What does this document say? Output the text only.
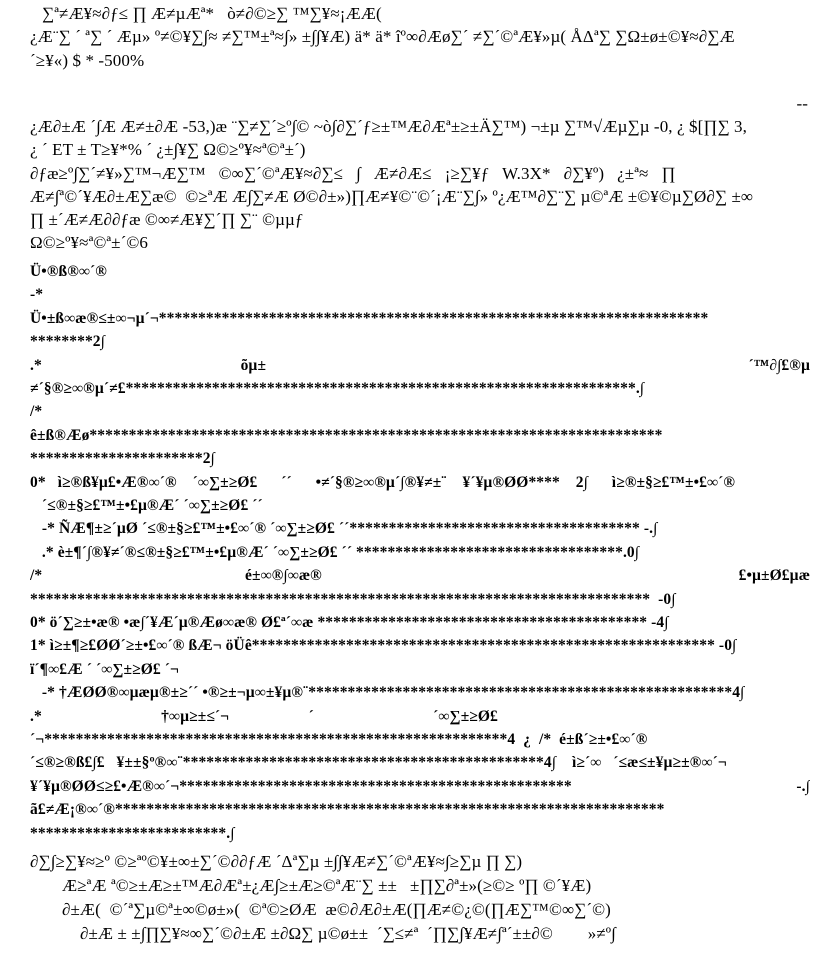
∑ª≠Æ¥≈∂ƒ≤ ∏ Æ≠µÆª*   ò≠∂©≥∑ ™∑¥≈¡ÆÆ(
¿Æ¨∑ ´ ª∑ ´ Æµ» º≠©¥∑∫≈ ≠∑™±ª≈∫» ±∫∫¥Æ) ä* ä* îº∞∂Æø∑´ ≠∑´©ªÆ¥»µ( ÅΔª∑ ∑Ω±ø±©¥≈∂∑Æ
´≥¥«) $ * -500%
--
¿Æ∂±Æ ´∫Æ Æ≠±∂Æ -53,)æ ¨∑≠∑´≥º∫© ~ò∫∂∑´ƒ≥±™Æ∂Æª±≥±Ä∑™) ¬±µ ∑™√Æµ∑µ -0, ¿ $[∏∑ 3,
¿ ´ ET ± T≥¥*% ´ ¿±∫¥∑ Ω©≥º¥≈ª©ª±´)
∂ƒæ≥º∫∑´≠¥»∑™¬Æ∑™   ©∞∑´©ªÆ¥≈∂∑≤   ∫   Æ≠∂Æ≤   ¡≥∑¥ƒ   W.3X*   ∂∑¥º)   ¿±ª≈   ∏
Æ≠∫ª©´¥Æ∂±Æ∑æ©  ©≥ªÆ Æ∫∑≠Æ Ø©∂±»)∏Æ≠¥©¨©´¡Æ¨∑∫» º¿Æ™∂∑¨∑ µ©ªÆ ±©¥©µ∑Ø∂∑ ±∞
∏ ±´Æ≠Æ∂∂ƒæ ©∞≠Æ¥∑´∏ ∑¨ ©µµƒ
Ω©≥º¥≈ª©ª±´©6
Ü•®ß®∞´®
-*
Ü•±ß∞æ®≤±∞¬µ´¬**********************************************************************
********2∫
.*                                                  õµ±	´™∂∫£®µ
≠´§®≥∞®µ´≠£*****************************************************************.∫
/*
ê±ß®Æø*************************************************************************
**********************2∫
0*   ì≥®ß¥µ£•Æ®∞´®    ´∞∑±≥Ø£      ´´      •≠´§®≥∞®µ´∫®¥≠±¨    ¥´¥µ®ØØ****    2∫      ì≥®±§≥£™±•£∞´®
´≤®±§≥£™±•£µ®Æ´ ´∞∑±≥Ø£ ´´
-* ÑÆ¶±≥´µØ ´≤®±§≥£™±•£∞´® ´∞∑±≥Ø£ ´´************************************* -.∫
.* è±¶´∫®¥≠´®≤®±§≥£™±•£µ®Æ´ ´∞∑±≥Ø£ ´´ **********************************.0∫
/*                                                   é±∞®∫∞æ®	£•µ±Ø£µæ
*******************************************************************************  -0∫
0* ö´∑≥±•æ® •æ∫´¥Æ´µ®Æø∞æ® Ø£ª´∞æ ****************************************** -4∫
1* ì≥±¶≥£ØØ´≥±•£∞´® ßÆ¬ öÜê*********************************************************** -0∫
ï´¶∞£Æ ´ ´∞∑±≥Ø£ ´¬
-* †ÆØØ®∞µæµ®±≥´´ •®≥±¬µ∞±¥µ®¨******************************************************4∫
.*                              †∞µ≥±≤´¬                    ´                              ´∞∑±≥Ø£
´¬***********************************************************4  ¿  /*  é±ß´≥±•£∞´®
´≤®≥®ß£∫£   ¥±±§º®∞¨**********************************************4∫    ì≥´∞   ´≤æ≤±¥µ≥±®∞´¬
¥´¥µ®ØØ≤≥£•Æ®∞´¬**************************************************	-.∫
ã£≠Æ¡®∞´®**********************************************************************
*************************.∫
∂∑∫≥∑¥≈≥º ©≥ªº©¥±∞±∑´©∂∂ƒÆ ´Δª∑µ ±∫∫¥Æ≠∑´©ªÆ¥≈∫≥∑µ ∏ ∑)
Æ≥ªÆ ª©≥±Æ≥±™Æ∂Æª±¿Æ∫≥±Æ≥©ªÆ¨∑ ±±   ±∏∑∂ª±»(≥©≥ º∏ ©´¥Æ)
∂±Æ(  ©´ª∑µ©ª±∞©ø±»(  ©ª©≥ØÆ  æ©∂Æ∂±Æ(∏Æ≠©¿©(∏Æ∑™©∞∑´©)
∂±Æ ± ±∫∏∑¥≈∞∑´©∂±Æ ±∂Ω∑ µ©ø±±  ´∑≤≠ª  ´∏∑∫¥Æ≠∫ª´±±∂©        »≠º∫
